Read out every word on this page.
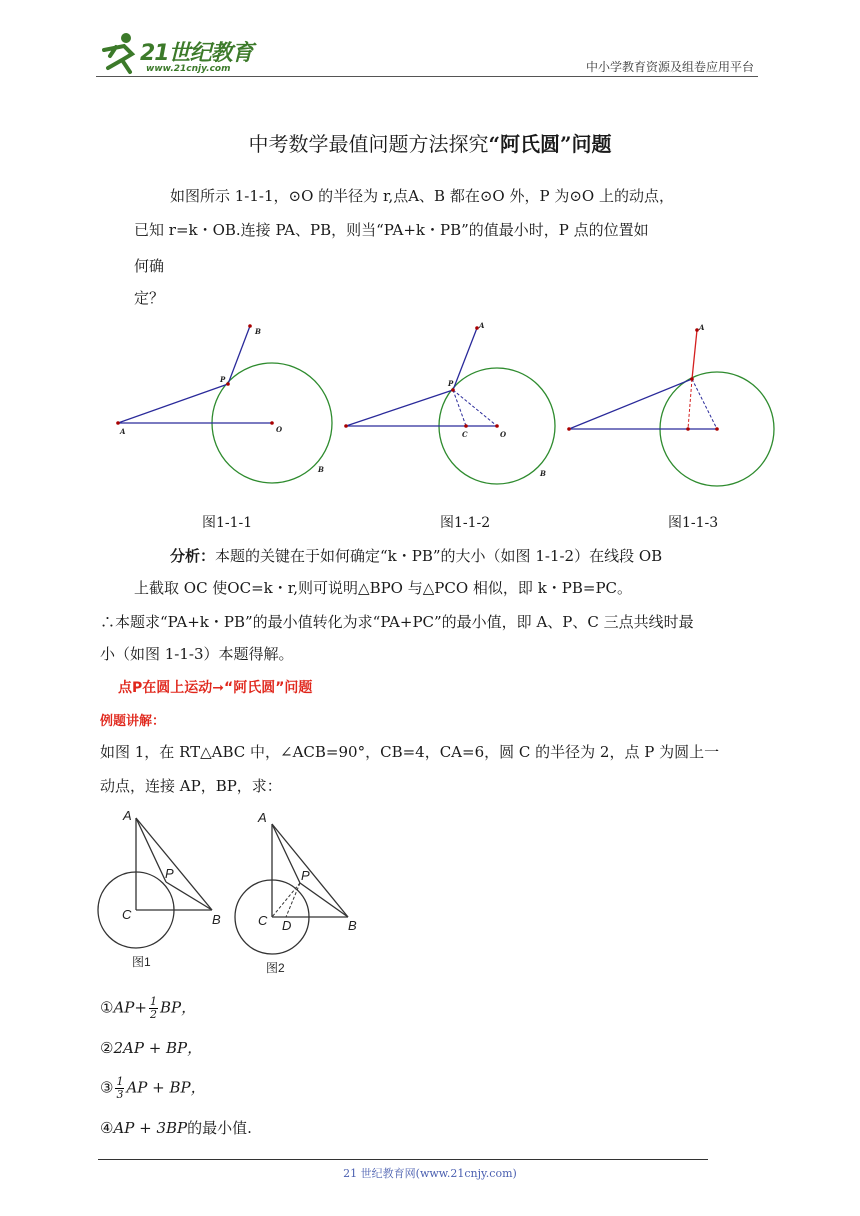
21世纪教育
www.21cnjy.com	中小学教育资源及组卷应用平台
中考数学最值问题方法探究“阿氏圆”问题
如图所示 1-1-1，⊙O 的半径为 r,点A、B 都在⊙O 外，P 为⊙O 上的动点，
已知 r=k・OB.连接 PA、PB，则当“PA+k・PB”的值最小时，P 点的位置如
何确
定？
A	O
P
B
B
P
A
C	O
B
A
图1-1-1	图1-1-2	图1-1-3
分析：本题的关键在于如何确定“k・PB”的大小（如图 1-1-2）在线段 OB
上截取 OC 使OC=k・r,则可说明△BPO 与△PCO 相似，即 k・PB=PC。
∴本题求“PA+k・PB”的最小值转化为求“PA+PC”的最小值，即 A、P、C 三点共线时最
小（如图 1-1-3）本题得解。
点P在圆上运动➞“阿氏圆”问题
例题讲解：
如图 1，在 RT△ABC 中，∠ACB=90°，CB=4，CA=6，圆 C 的半径为 2，点 P 为圆上一
动点，连接 AP，BP，求：
A
P
C	B
图1
A
P
C D	B
图2
①AP+ $\frac{1}{2}$ BP，
②2AP + BP，
③ $\frac{1}{3}$ AP + BP，
④AP + 3BP的最小值.
21 世纪教育网(www.21cnjy.com)
